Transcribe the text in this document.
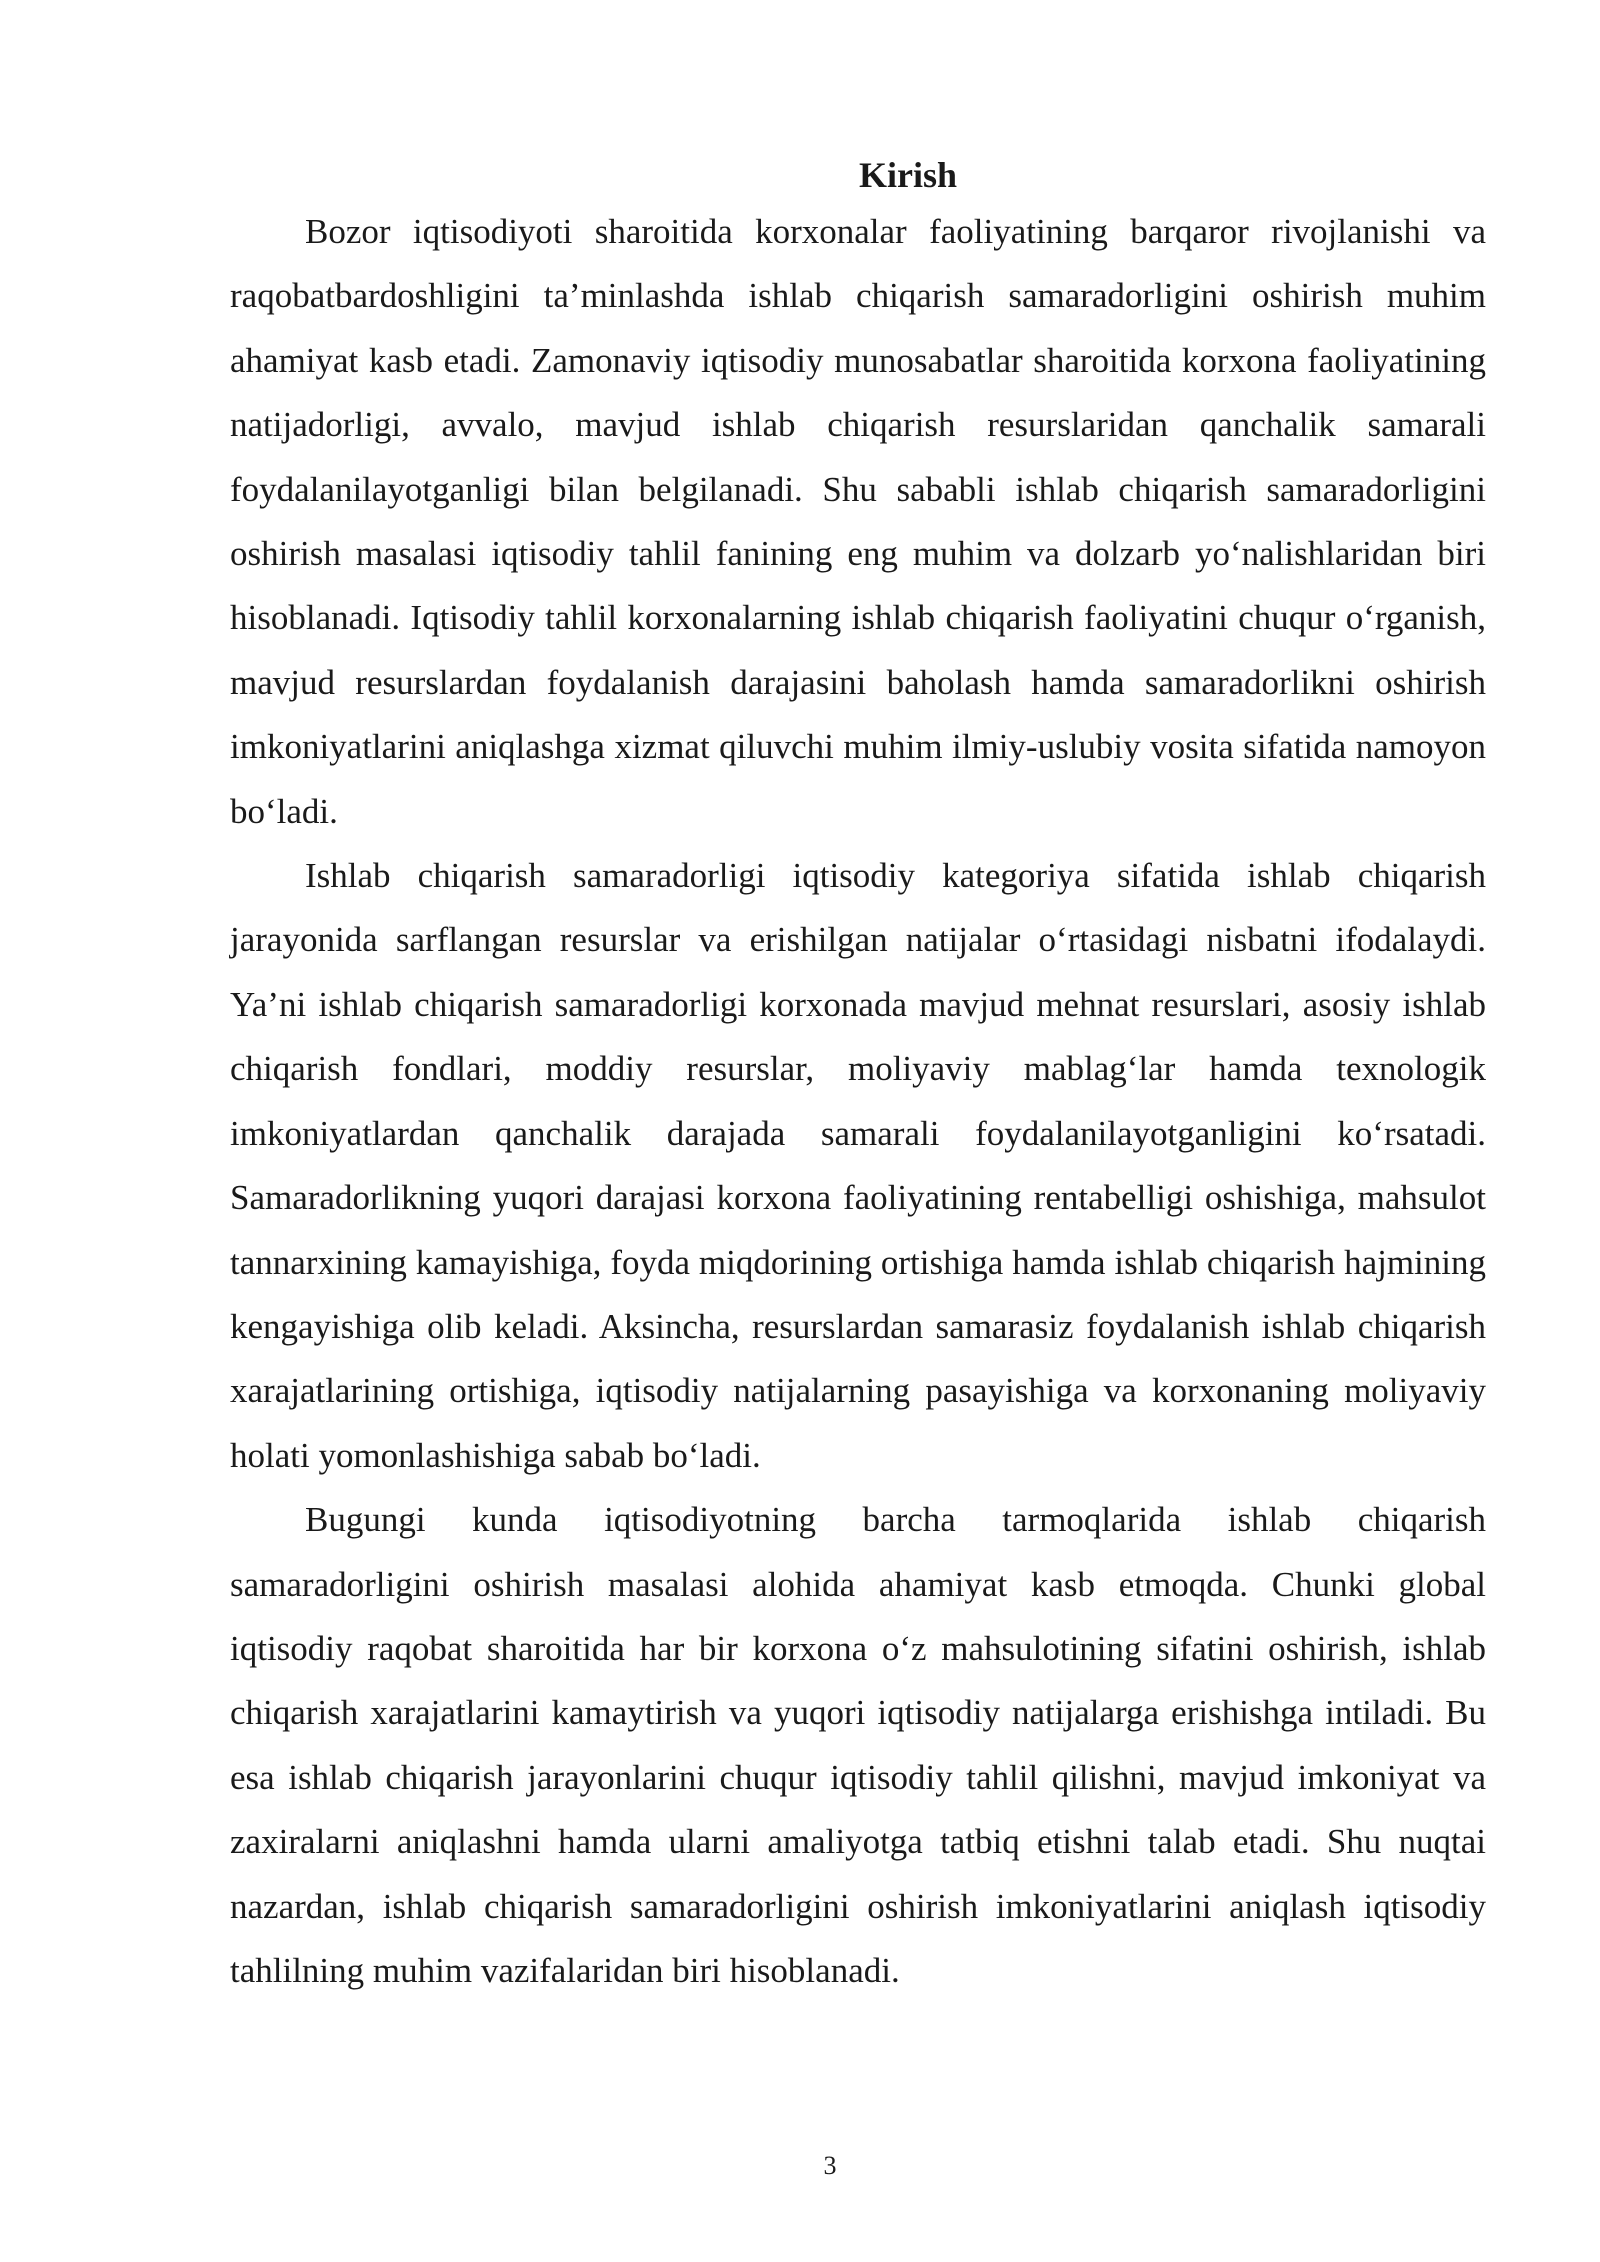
Kirish

Bozor iqtisodiyoti sharoitida korxonalar faoliyatining barqaror rivojlanishi va raqobatbardoshligini ta’minlashda ishlab chiqarish samaradorligini oshirish muhim ahamiyat kasb etadi. Zamonaviy iqtisodiy munosabatlar sharoitida korxona faoliyatining natijadorligi, avvalo, mavjud ishlab chiqarish resurslaridan qanchalik samarali foydalanilayotganligi bilan belgilanadi. Shu sababli ishlab chiqarish samaradorligini oshirish masalasi iqtisodiy tahlil fanining eng muhim va dolzarb yo‘nalishlaridan biri hisoblanadi. Iqtisodiy tahlil korxonalarning ishlab chiqarish faoliyatini chuqur o‘rganish, mavjud resurslardan foydalanish darajasini baholash hamda samaradorlikni oshirish imkoniyatlarini aniqlashga xizmat qiluvchi muhim ilmiy-uslubiy vosita sifatida namoyon bo‘ladi.

Ishlab chiqarish samaradorligi iqtisodiy kategoriya sifatida ishlab chiqarish jarayonida sarflangan resurslar va erishilgan natijalar o‘rtasidagi nisbatni ifodalaydi. Ya’ni ishlab chiqarish samaradorligi korxonada mavjud mehnat resurslari, asosiy ishlab chiqarish fondlari, moddiy resurslar, moliyaviy mablag‘lar hamda texnologik imkoniyatlardan qanchalik darajada samarali foydalanilayotganligini ko‘rsatadi. Samaradorlikning yuqori darajasi korxona faoliyatining rentabelligi oshishiga, mahsulot tannarxining kamayishiga, foyda miqdorining ortishiga hamda ishlab chiqarish hajmining kengayishiga olib keladi. Aksincha, resurslardan samarasiz foydalanish ishlab chiqarish xarajatlarining ortishiga, iqtisodiy natijalarning pasayishiga va korxonaning moliyaviy holati yomonlashishiga sabab bo‘ladi.

Bugungi kunda iqtisodiyotning barcha tarmoqlarida ishlab chiqarish samaradorligini oshirish masalasi alohida ahamiyat kasb etmoqda. Chunki global iqtisodiy raqobat sharoitida har bir korxona o‘z mahsulotining sifatini oshirish, ishlab chiqarish xarajatlarini kamaytirish va yuqori iqtisodiy natijalarga erishishga intiladi. Bu esa ishlab chiqarish jarayonlarini chuqur iqtisodiy tahlil qilishni, mavjud imkoniyat va zaxiralarni aniqlashni hamda ularni amaliyotga tatbiq etishni talab etadi. Shu nuqtai nazardan, ishlab chiqarish samaradorligini oshirish imkoniyatlarini aniqlash iqtisodiy tahlilning muhim vazifalaridan biri hisoblanadi.

3
